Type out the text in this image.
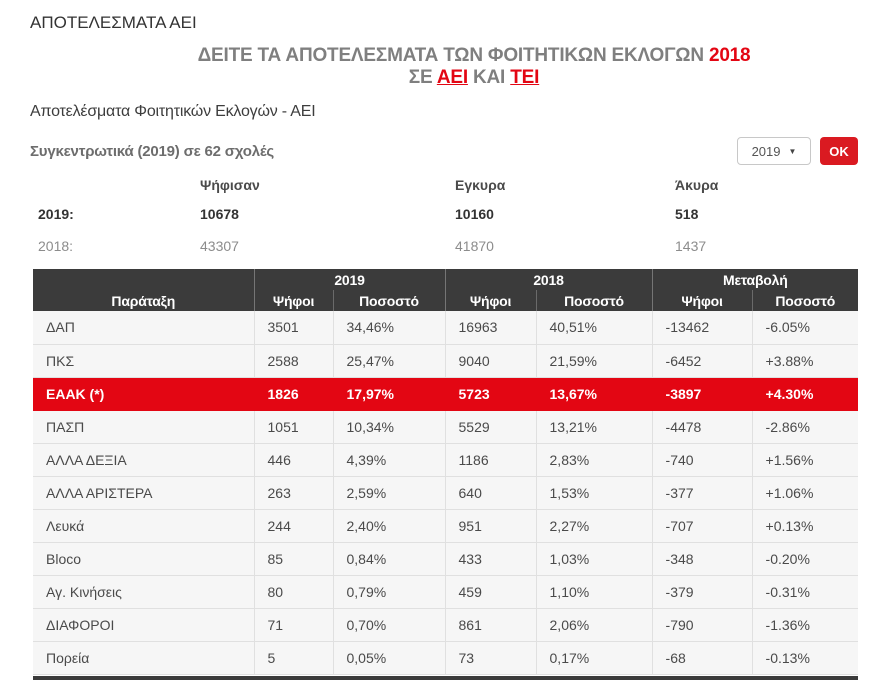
ΑΠΟΤΕΛΕΣΜΑΤΑ ΑΕΙ
ΔΕΙΤΕ ΤΑ ΑΠΟΤΕΛΕΣΜΑΤΑ ΤΩΝ ΦΟΙΤΗΤΙΚΩΝ ΕΚΛΟΓΩΝ 2018
ΣΕ ΑΕΙ ΚΑΙ ΤΕΙ
Αποτελέσματα Φοιτητικών Εκλογών - ΑΕΙ
Συγκεντρωτικά (2019) σε 62 σχολές	2019 ▼	OK
Ψήφισαν	Εγκυρα	Άκυρα
2019:	10678	10160	518
2018:	43307	41870	1437
Παράταξη	2019		2018		Μεταβολή	
	Ψήφοι	Ποσοστό	Ψήφοι	Ποσοστό	Ψήφοι	Ποσοστό
ΔΑΠ	3501	34,46%	16963	40,51%	-13462	-6.05%
ΠΚΣ	2588	25,47%	9040	21,59%	-6452	+3.88%
ΕΑΑΚ (*)	1826	17,97%	5723	13,67%	-3897	+4.30%
ΠΑΣΠ	1051	10,34%	5529	13,21%	-4478	-2.86%
ΑΛΛΑ ΔΕΞΙΑ	446	4,39%	1186	2,83%	-740	+1.56%
ΑΛΛΑ ΑΡΙΣΤΕΡΑ	263	2,59%	640	1,53%	-377	+1.06%
Λευκά	244	2,40%	951	2,27%	-707	+0.13%
Bloco	85	0,84%	433	1,03%	-348	-0.20%
Αγ. Κινήσεις	80	0,79%	459	1,10%	-379	-0.31%
ΔΙΑΦΟΡΟΙ	71	0,70%	861	2,06%	-790	-1.36%
Πορεία	5	0,05%	73	0,17%	-68	-0.13%
